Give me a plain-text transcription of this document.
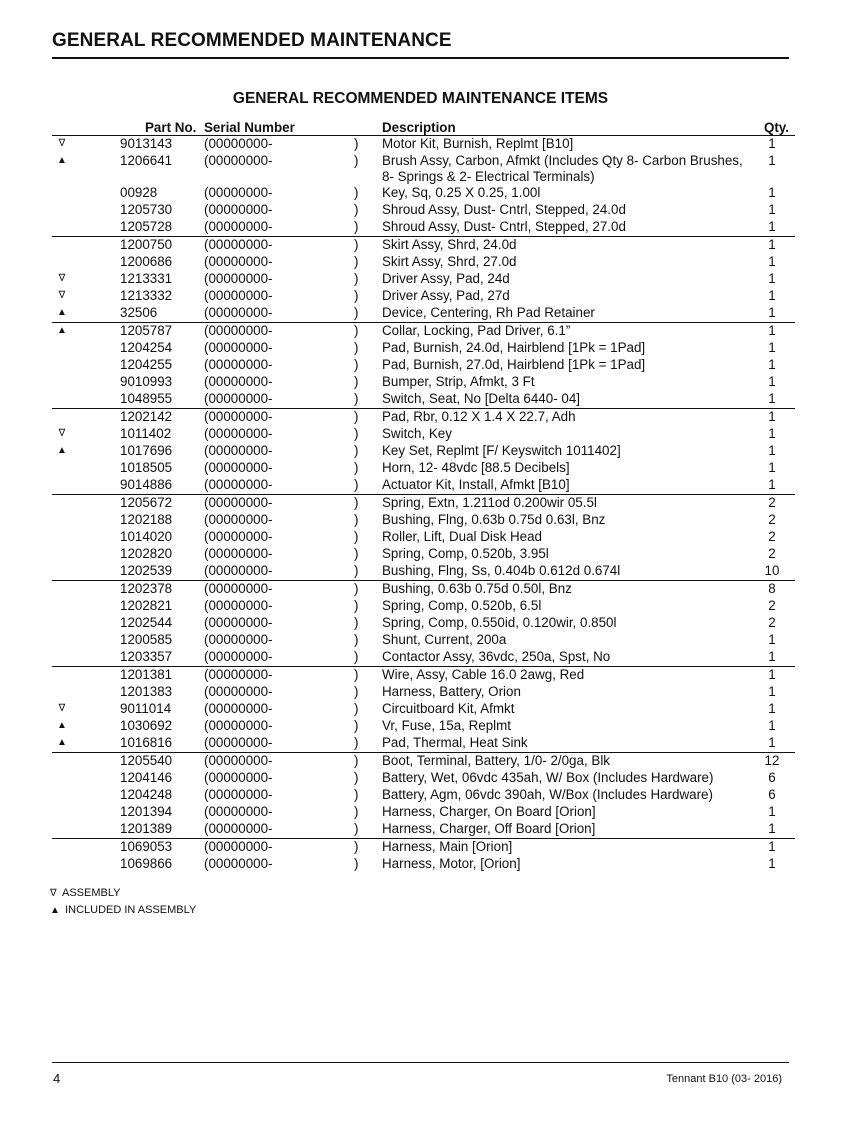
GENERAL RECOMMENDED MAINTENANCE
GENERAL RECOMMENDED MAINTENANCE ITEMS
	Part No.	Serial Number		Description	Qty.
∇	9013143	(00000000-	)	Motor Kit, Burnish, Replmt [B10]	1
▲	1206641	(00000000-	)	Brush Assy, Carbon, Afmkt (Includes Qty 8- Carbon Brushes, 8- Springs & 2- Electrical Terminals)	1
	00928	(00000000-	)	Key, Sq, 0.25 X 0.25, 1.00l	1
	1205730	(00000000-	)	Shroud Assy, Dust- Cntrl, Stepped, 24.0d	1
	1205728	(00000000-	)	Shroud Assy, Dust- Cntrl, Stepped, 27.0d	1
	1200750	(00000000-	)	Skirt Assy, Shrd, 24.0d	1
	1200686	(00000000-	)	Skirt Assy, Shrd, 27.0d	1
∇	1213331	(00000000-	)	Driver Assy, Pad, 24d	1
∇	1213332	(00000000-	)	Driver Assy, Pad, 27d	1
▲	32506	(00000000-	)	Device, Centering, Rh Pad Retainer	1
▲	1205787	(00000000-	)	Collar, Locking, Pad Driver, 6.1”	1
	1204254	(00000000-	)	Pad, Burnish, 24.0d, Hairblend [1Pk = 1Pad]	1
	1204255	(00000000-	)	Pad, Burnish, 27.0d, Hairblend [1Pk = 1Pad]	1
	9010993	(00000000-	)	Bumper, Strip, Afmkt, 3 Ft	1
	1048955	(00000000-	)	Switch, Seat, No [Delta 6440- 04]	1
	1202142	(00000000-	)	Pad, Rbr, 0.12 X 1.4 X 22.7, Adh	1
∇	1011402	(00000000-	)	Switch, Key	1
▲	1017696	(00000000-	)	Key Set, Replmt [F/ Keyswitch 1011402]	1
	1018505	(00000000-	)	Horn, 12- 48vdc [88.5 Decibels]	1
	9014886	(00000000-	)	Actuator Kit, Install, Afmkt [B10]	1
	1205672	(00000000-	)	Spring, Extn, 1.211od 0.200wir 05.5l	2
	1202188	(00000000-	)	Bushing, Flng, 0.63b 0.75d 0.63l, Bnz	2
	1014020	(00000000-	)	Roller, Lift, Dual Disk Head	2
	1202820	(00000000-	)	Spring, Comp, 0.520b, 3.95l	2
	1202539	(00000000-	)	Bushing, Flng, Ss, 0.404b 0.612d 0.674l	10
	1202378	(00000000-	)	Bushing, 0.63b 0.75d 0.50l, Bnz	8
	1202821	(00000000-	)	Spring, Comp, 0.520b, 6.5l	2
	1202544	(00000000-	)	Spring, Comp, 0.550id, 0.120wir, 0.850l	2
	1200585	(00000000-	)	Shunt, Current, 200a	1
	1203357	(00000000-	)	Contactor Assy, 36vdc, 250a, Spst, No	1
	1201381	(00000000-	)	Wire, Assy, Cable 16.0 2awg, Red	1
	1201383	(00000000-	)	Harness, Battery, Orion	1
∇	9011014	(00000000-	)	Circuitboard Kit, Afmkt	1
▲	1030692	(00000000-	)	Vr, Fuse, 15a, Replmt	1
▲	1016816	(00000000-	)	Pad, Thermal, Heat Sink	1
	1205540	(00000000-	)	Boot, Terminal, Battery, 1/0- 2/0ga, Blk	12
	1204146	(00000000-	)	Battery, Wet, 06vdc 435ah, W/ Box (Includes Hardware)	6
	1204248	(00000000-	)	Battery, Agm, 06vdc 390ah, W/Box (Includes Hardware)	6
	1201394	(00000000-	)	Harness, Charger, On Board [Orion]	1
	1201389	(00000000-	)	Harness, Charger, Off Board [Orion]	1
	1069053	(00000000-	)	Harness, Main [Orion]	1
	1069866	(00000000-	)	Harness, Motor, [Orion]	1
∇ ASSEMBLY
▲ INCLUDED IN ASSEMBLY
4	Tennant B10 (03- 2016)
